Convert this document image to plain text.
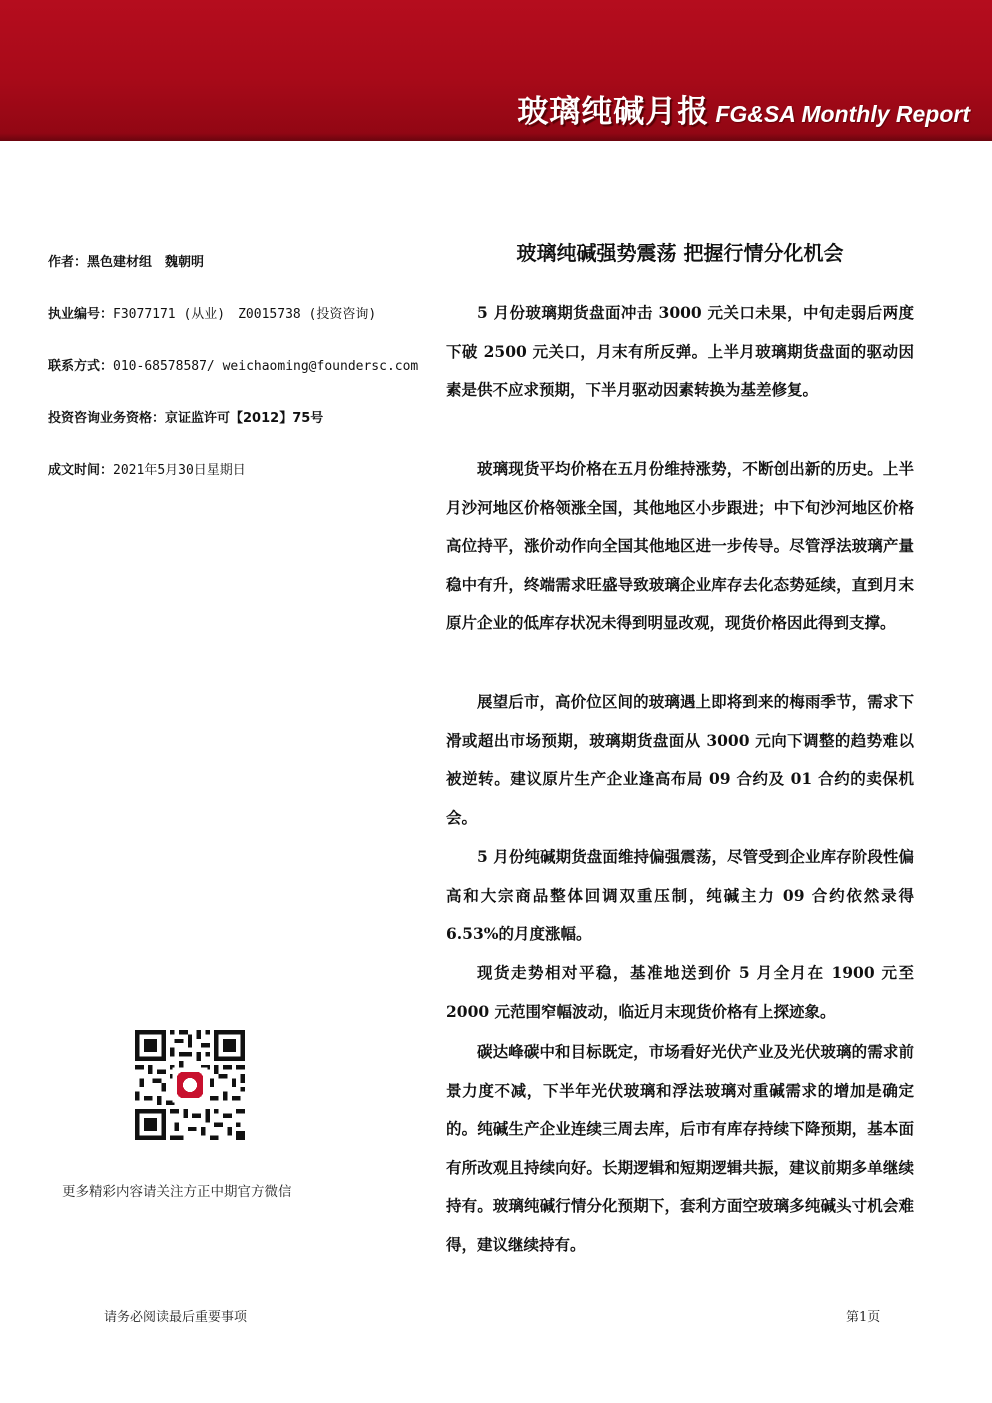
玻璃纯碱月报 FG&SA Monthly Report
作者：黑色建材组　魏朝明
执业编号：F3077171 (从业)　Z0015738 (投资咨询)
联系方式：010-68578587/ weichaoming@foundersc.com
投资咨询业务资格：京证监许可【2012】75号
成文时间：2021年5月30日星期日
玻璃纯碱强势震荡 把握行情分化机会

5 月份玻璃期货盘面冲击 3000 元关口未果，中旬走弱后两度下破 2500 元关口，月末有所反弹。上半月玻璃期货盘面的驱动因素是供不应求预期，下半月驱动因素转换为基差修复。

玻璃现货平均价格在五月份维持涨势，不断创出新的历史。上半月沙河地区价格领涨全国，其他地区小步跟进；中下旬沙河地区价格高位持平，涨价动作向全国其他地区进一步传导。尽管浮法玻璃产量稳中有升，终端需求旺盛导致玻璃企业库存去化态势延续，直到月末原片企业的低库存状况未得到明显改观，现货价格因此得到支撑。

展望后市，高价位区间的玻璃遇上即将到来的梅雨季节，需求下滑或超出市场预期，玻璃期货盘面从 3000 元向下调整的趋势难以被逆转。建议原片生产企业逢高布局 09 合约及 01 合约的卖保机会。

5 月份纯碱期货盘面维持偏强震荡，尽管受到企业库存阶段性偏高和大宗商品整体回调双重压制，纯碱主力 09 合约依然录得 6.53%的月度涨幅。

现货走势相对平稳，基准地送到价 5 月全月在 1900 元至 2000 元范围窄幅波动，临近月末现货价格有上探迹象。

碳达峰碳中和目标既定，市场看好光伏产业及光伏玻璃的需求前景力度不减，下半年光伏玻璃和浮法玻璃对重碱需求的增加是确定的。纯碱生产企业连续三周去库，后市有库存持续下降预期，基本面有所改观且持续向好。长期逻辑和短期逻辑共振，建议前期多单继续持有。玻璃纯碱行情分化预期下，套利方面空玻璃多纯碱头寸机会难得，建议继续持有。

更多精彩内容请关注方正中期官方微信
请务必阅读最后重要事项	第1页
